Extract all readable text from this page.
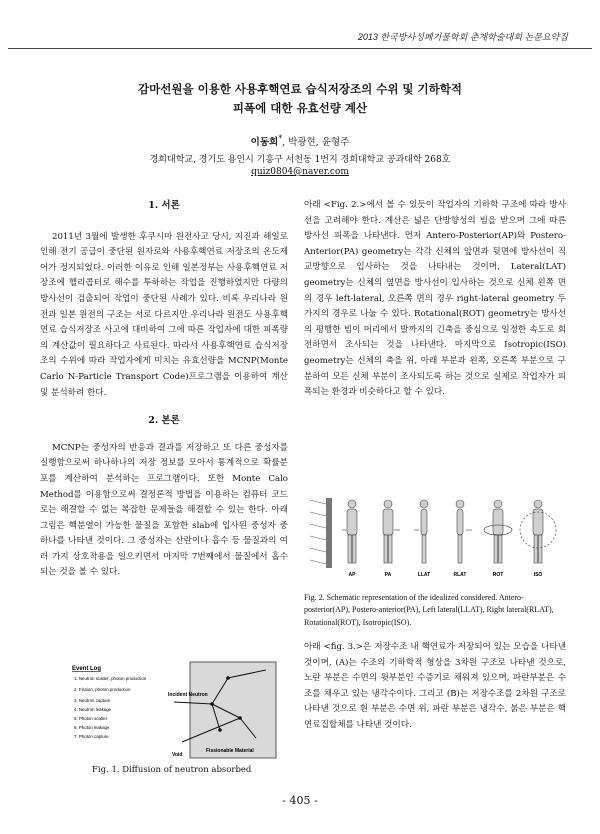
2013 한국방사성폐기물학회 춘계학술대회 논문요약집
감마선원을 이용한 사용후핵연료 습식저장조의 수위 및 기하학적
피폭에 대한 유효선량 계산
이동희*, 박광현, 윤형주
경희대학교, 경기도 용인시 기흥구 서천동 1번지 경희대학교 공과대학 268호
quiz0804@naver.com
1. 서론

2011년 3월에 발생한 후쿠시마 원전사고 당시, 지진과 해일로 인해 전기 공급이 중단된 원자로와 사용후핵연료 저장조의 온도제어가 정지되었다. 이러한 이유로 인해 일본정부는 사용후핵연료 저장조에 헬리콥터로 해수를 투하하는 작업을 진행하였지만 다량의 방사선이 검출되어 작업이 중단된 사례가 있다. 비록 우리나라 원전과 일본 원전의 구조는 서로 다르지만 우리나라 원전도 사용후핵연료 습식저장조 사고에 대비하여 그에 따른 작업자에 대한 피폭량의 계산값이 필요하다고 사료된다. 따라서 사용후핵연료 습식저장조의 수위에 따라 작업자에게 미치는 유효선량을 MCNP(Monte Carlo N-Particle Transport Code)프로그램을 이용하여 계산 및 분석하려 한다.

2. 본론

MCNP는 중성자의 반응과 결과를 저장하고 또 다른 중성자를 실행함으로써 하나하나의 저장 정보를 모아서 통계적으로 확률분포를 계산하여 분석하는 프로그램이다. 또한 Monte Calo Method를 이용함으로써 결정론적 방법을 이용하는 컴퓨터 코드로는 해결할 수 없는 복잡한 문제들을 해결할 수 있는 한다. 아래 그림은 핵분열이 가능한 물질을 포함한 slab에 입사된 중성자 중 하나를 나타낸 것이다. 그 중성자는 산란이나 흡수 등 물질과의 여러 가지 상호작용을 일으키면서 마지막 7번째에서 물질에서 흡수되는 것을 볼 수 있다.

Event Log
1. Neutron scatter, photon production
2. Fission, photon production
3. Neutron capture
4. Neutron leakage
5. Photon scatter
6. Photon leakage
7. Photon capture
Incident Neutron
Void
Fissionable Material
Fig. 1. Diffusion of neutron absorbed

아래 <Fig. 2.>에서 볼 수 있듯이 작업자의 기하학 구조에 따라 방사선을 고려해야 한다. 계산은 넓은 단방향성의 빔을 받으며 그에 따른 방사선 피폭을 나타낸다. 먼저 Antero-Posterior(AP)와 Postero-Anterior(PA) geometry는 각각 신체의 앞면과 뒷면에 방사선이 직교방향으로 입사하는 것을 나타내는 것이며, Lateral(LAT) geometry는 신체의 옆면을 방사선이 입사하는 것으로 신체 왼쪽 면의 경우 left-lateral, 오른쪽 면의 경우 right-lateral geometry 두 가지의 경우로 나눌 수 있다. Rotational(ROT) geometry는 방사선의 평행한 빔이 머리에서 발까지의 긴축을 중심으로 일정한 속도로 회전하면서 조사되는 것을 나타낸다. 마지막으로 Isotropic(ISO) geometry는 신체의 축을 위, 아래 부분과 왼쪽, 오른쪽 부분으로 구분하여 모든 신체 부분이 조사되도록 하는 것으로 실제로 작업자가 피폭되는 환경과 비슷하다고 할 수 있다.

AP	PA	LLAT	RLAT	ROT	ISO
Fig. 2. Schematic representation of the idealized considered. Antero-posterior(AP), Postero-anterior(PA), Left lateral(LLAT), Right lateral(RLAT), Rotational(ROT), Isotropic(ISO).

아래 <fig. 3.>은 저장수조 내 핵연료가 저장되어 있는 모습을 나타낸 것이며, (A)는 수조의 기하학적 형상을 3차원 구조로 나타낸 것으로, 노란 부분은 수면의 윗부분인 수증기로 채워져 있으며, 파란부분은 수조를 채우고 있는 냉각수이다. 그리고 (B)는 저장수조를 2차원 구조로 나타낸 것으로 흰 부분은 수면 위, 파란 부분은 냉각수, 붉은 부분은 핵연료집합체를 나타낸 것이다.

- 405 -
